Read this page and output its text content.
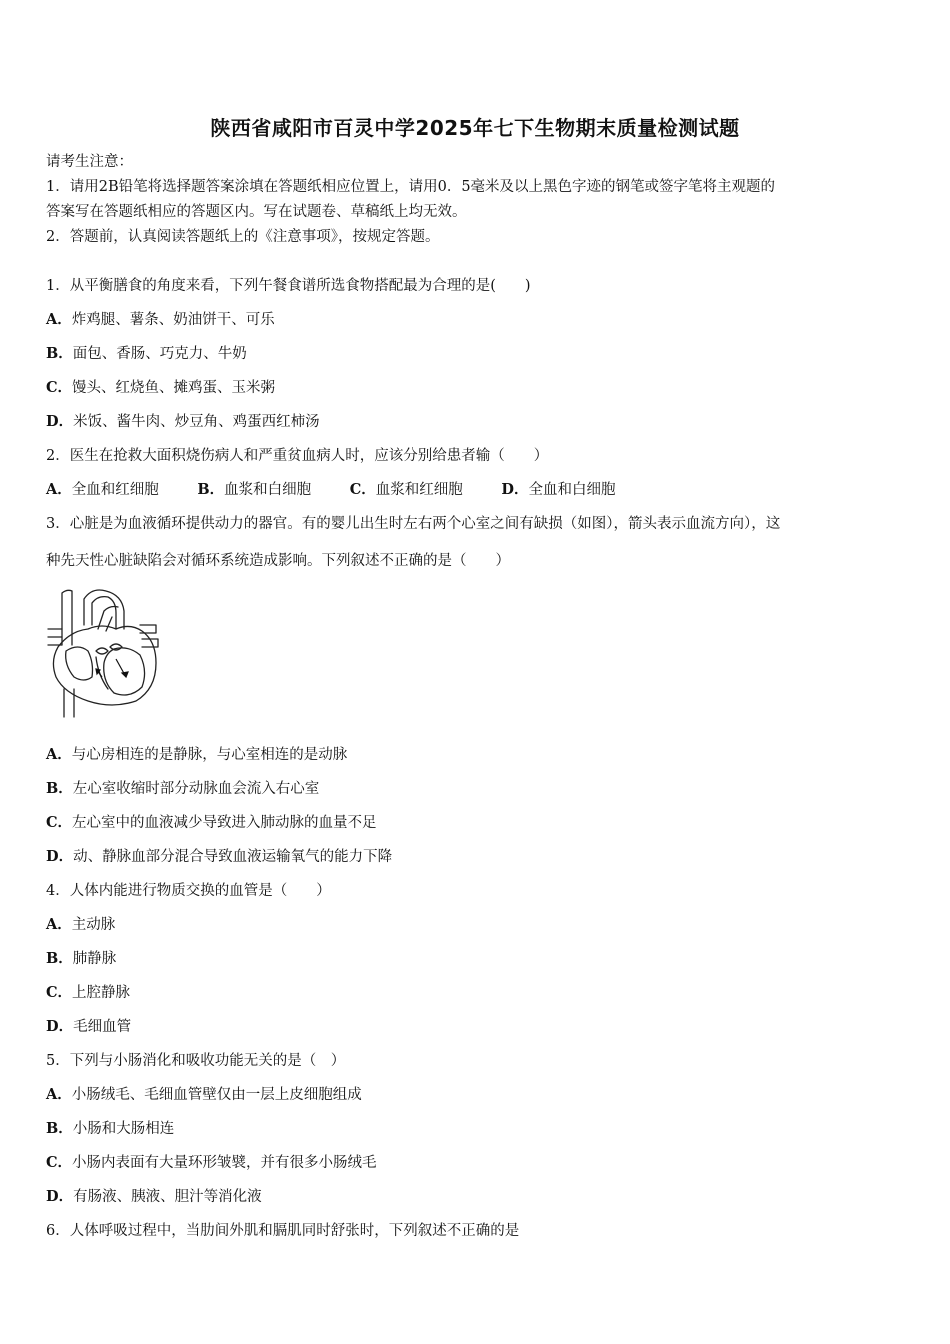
陕西省咸阳市百灵中学2025年七下生物期末质量检测试题
请考生注意：
1．请用2B铅笔将选择题答案涂填在答题纸相应位置上，请用0．5毫米及以上黑色字迹的钢笔或签字笔将主观题的
答案写在答题纸相应的答题区内。写在试题卷、草稿纸上均无效。
2．答题前，认真阅读答题纸上的《注意事项》，按规定答题。
1．从平衡膳食的角度来看，下列午餐食谱所选食物搭配最为合理的是(　　)
A．炸鸡腿、薯条、奶油饼干、可乐
B．面包、香肠、巧克力、牛奶
C．馒头、红烧鱼、摊鸡蛋、玉米粥
D．米饭、酱牛肉、炒豆角、鸡蛋西红柿汤
2．医生在抢救大面积烧伤病人和严重贫血病人时，应该分别给患者输（　　）
A．全血和红细胞	B．血浆和白细胞	C．血浆和红细胞	D．全血和白细胞
3．心脏是为血液循环提供动力的器官。有的婴儿出生时左右两个心室之间有缺损（如图），箭头表示血流方向），这
种先天性心脏缺陷会对循环系统造成影响。下列叙述不正确的是（　　）
A．与心房相连的是静脉，与心室相连的是动脉
B．左心室收缩时部分动脉血会流入右心室
C．左心室中的血液减少导致进入肺动脉的血量不足
D．动、静脉血部分混合导致血液运输氧气的能力下降
4．人体内能进行物质交换的血管是（　　）
A．主动脉
B．肺静脉
C．上腔静脉
D．毛细血管
5．下列与小肠消化和吸收功能无关的是（　）
A．小肠绒毛、毛细血管壁仅由一层上皮细胞组成
B．小肠和大肠相连
C．小肠内表面有大量环形皱襞，并有很多小肠绒毛
D．有肠液、胰液、胆汁等消化液
6．人体呼吸过程中，当肋间外肌和膈肌同时舒张时，下列叙述不正确的是
